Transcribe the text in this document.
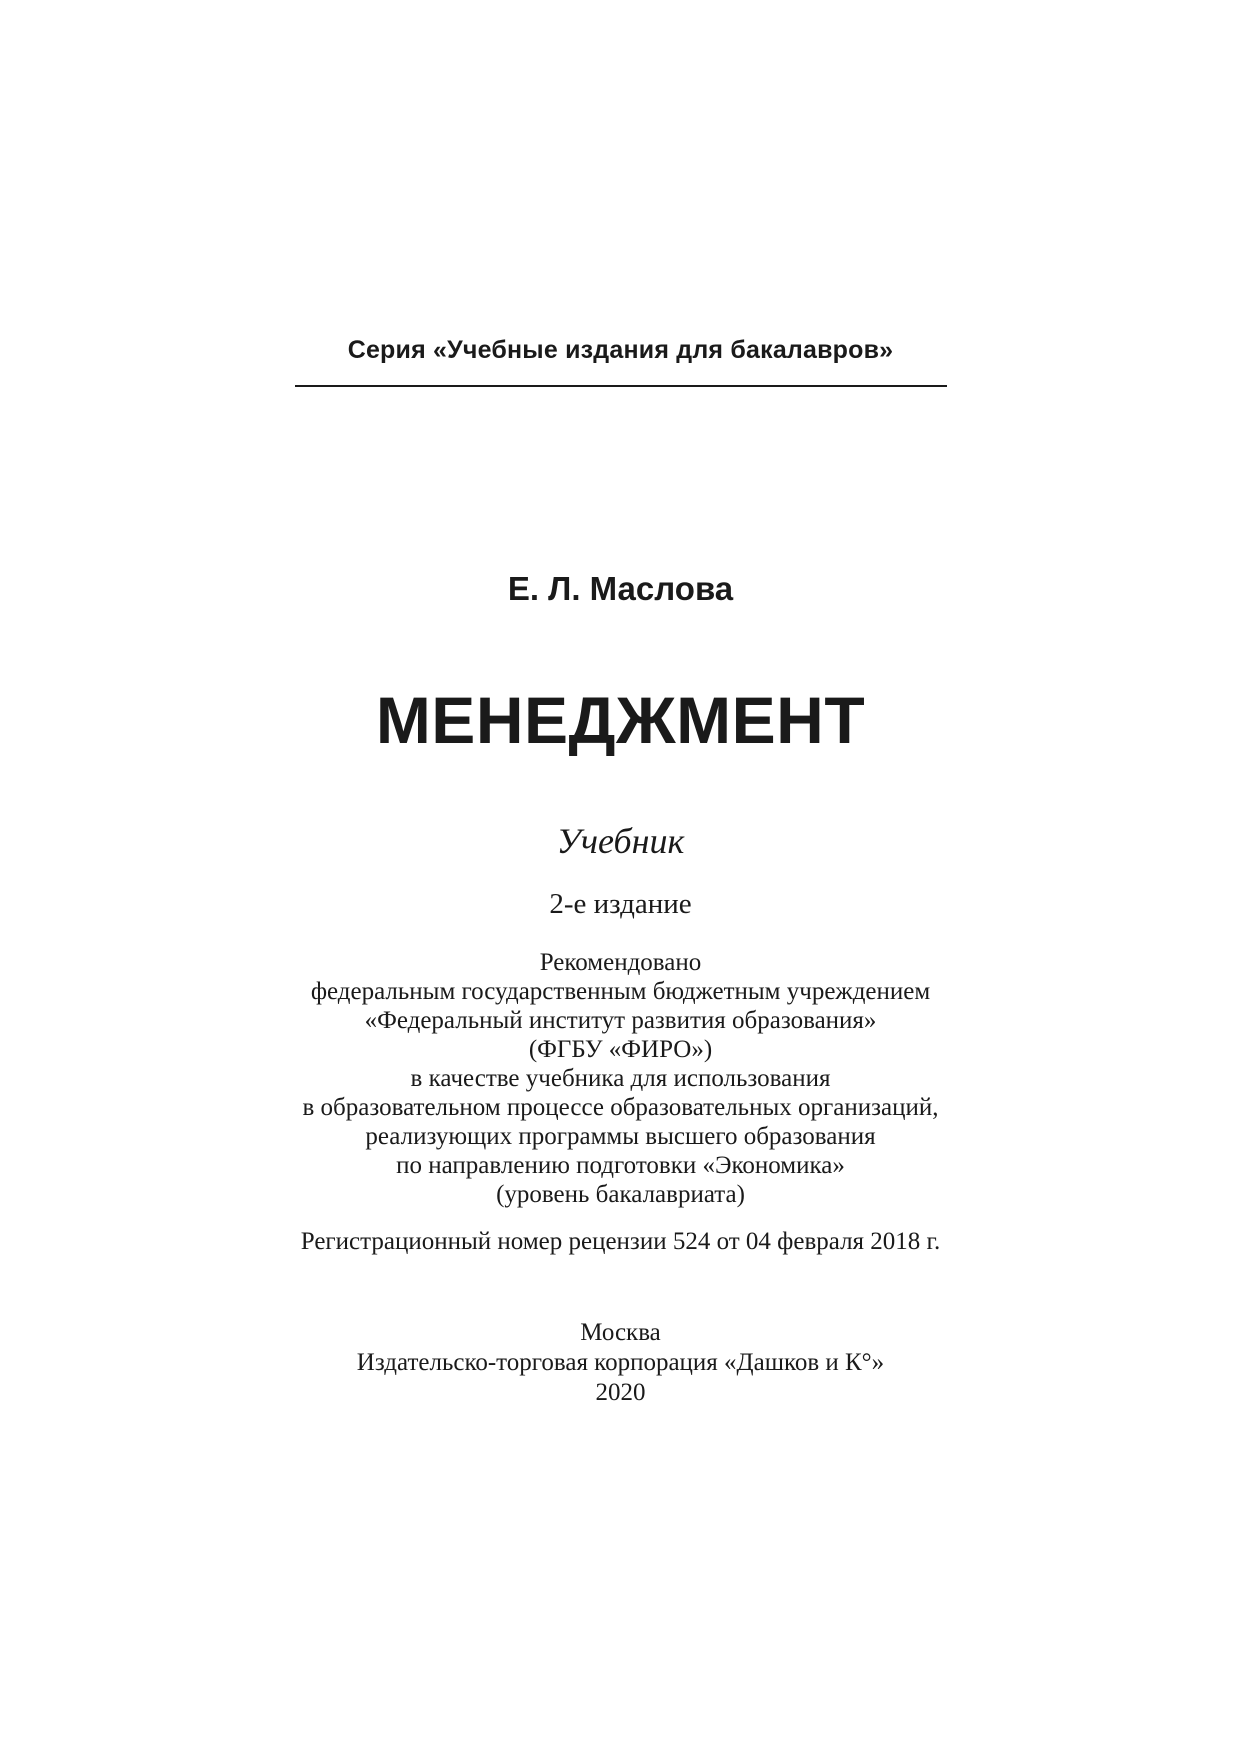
Серия «Учебные издания для бакалавров»
Е. Л. Маслова
МЕНЕДЖМЕНТ
Учебник
2-е издание
Рекомендовано
федеральным государственным бюджетным учреждением
«Федеральный институт развития образования»
(ФГБУ «ФИРО»)
в качестве учебника для использования
в образовательном процессе образовательных организаций,
реализующих программы высшего образования
по направлению подготовки «Экономика»
(уровень бакалавриата)
Регистрационный номер рецензии 524 от 04 февраля 2018 г.
Москва
Издательско-торговая корпорация «Дашков и К°»
2020
